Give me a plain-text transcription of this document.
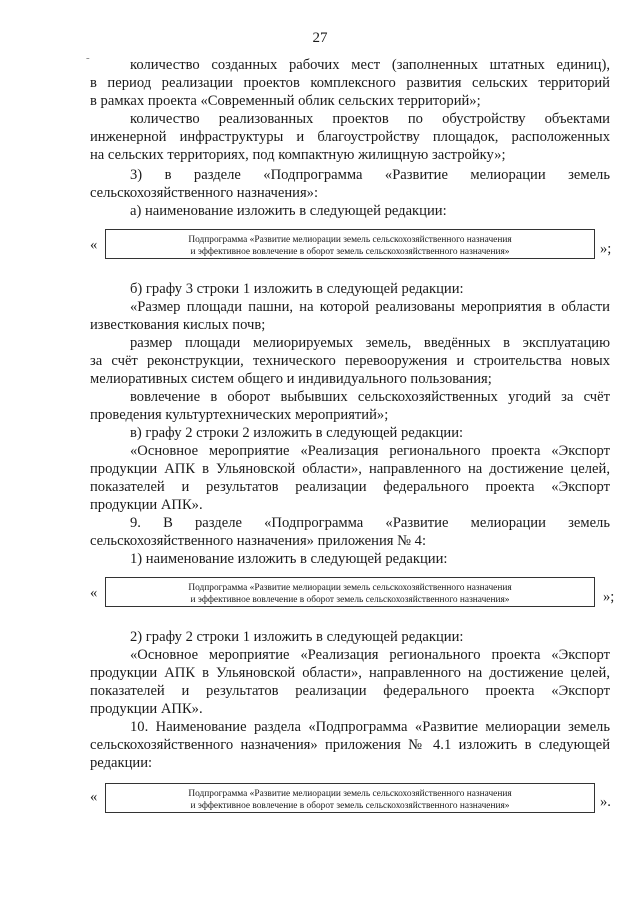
27
-	количество созданных рабочих мест (заполненных штатных единиц),
в период реализации проектов комплексного развития сельских территорий
в рамках проекта «Современный облик сельских территорий»;
количество реализованных проектов по обустройству объектами
инженерной инфраструктуры и благоустройству площадок, расположенных
на сельских территориях, под компактную жилищную застройку»;
3) в разделе «Подпрограмма «Развитие мелиорации земель
сельскохозяйственного назначения»:
а) наименование изложить в следующей редакции:
«	Подпрограмма «Развитие мелиорации земель сельскохозяйственного назначения
и эффективное вовлечение в оборот земель сельскохозяйственного назначения»	»;
б) графу 3 строки 1 изложить в следующей редакции:
«Размер площади пашни, на которой реализованы мероприятия в области
известкования кислых почв;
размер площади мелиорируемых земель, введённых в эксплуатацию
за счёт реконструкции, технического перевооружения и строительства новых
мелиоративных систем общего и индивидуального пользования;
вовлечение в оборот выбывших сельскохозяйственных угодий за счёт
проведения культуртехнических мероприятий»;
в) графу 2 строки 2 изложить в следующей редакции:
«Основное мероприятие «Реализация регионального проекта «Экспорт
продукции АПК в Ульяновской области», направленного на достижение целей,
показателей и результатов реализации федерального проекта «Экспорт
продукции АПК».
9. В разделе «Подпрограмма «Развитие мелиорации земель
сельскохозяйственного назначения» приложения № 4:
1) наименование изложить в следующей редакции:
«	Подпрограмма «Развитие мелиорации земель сельскохозяйственного назначения
и эффективное вовлечение в оборот земель сельскохозяйственного назначения»	»;
2) графу 2 строки 1 изложить в следующей редакции:
«Основное мероприятие «Реализация регионального проекта «Экспорт
продукции АПК в Ульяновской области», направленного на достижение целей,
показателей и результатов реализации федерального проекта «Экспорт
продукции АПК».
10. Наименование раздела «Подпрограмма «Развитие мелиорации земель
сельскохозяйственного назначения» приложения № 4.1 изложить в следующей
редакции:
«	Подпрограмма «Развитие мелиорации земель сельскохозяйственного назначения
и эффективное вовлечение в оборот земель сельскохозяйственного назначения»	».
